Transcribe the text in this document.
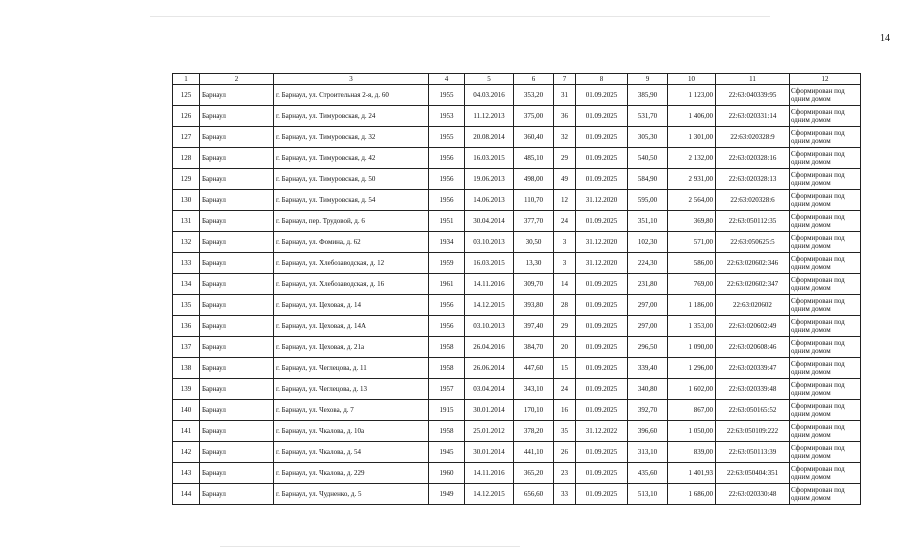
14
1	2	3	4	5	6	7	8	9	10	11	12
125	Барнаул	г. Барнаул, ул. Строительная 2-я, д. 60	1955	04.03.2016	353,20	31	01.09.2025	385,90	1 123,00	22:63:040339:95	Сформирован под одним домом
126	Барнаул	г. Барнаул, ул. Тимуровская, д. 24	1953	11.12.2013	375,00	36	01.09.2025	531,70	1 406,00	22:63:020331:14	Сформирован под одним домом
127	Барнаул	г. Барнаул, ул. Тимуровская, д. 32	1955	20.08.2014	360,40	32	01.09.2025	305,30	1 301,00	22:63:020328:9	Сформирован под одним домом
128	Барнаул	г. Барнаул, ул. Тимуровская, д. 42	1956	16.03.2015	485,10	29	01.09.2025	540,50	2 132,00	22:63:020328:16	Сформирован под одним домом
129	Барнаул	г. Барнаул, ул. Тимуровская, д. 50	1956	19.06.2013	498,00	49	01.09.2025	584,90	2 931,00	22:63:020328:13	Сформирован под одним домом
130	Барнаул	г. Барнаул, ул. Тимуровская, д. 54	1956	14.06.2013	110,70	12	31.12.2020	595,00	2 564,00	22:63:020328:6	Сформирован под одним домом
131	Барнаул	г. Барнаул, пер. Трудовой, д. 6	1951	30.04.2014	377,70	24	01.09.2025	351,10	369,80	22:63:050112:35	Сформирован под одним домом
132	Барнаул	г. Барнаул, ул. Фомина, д. 62	1934	03.10.2013	30,50	3	31.12.2020	102,30	571,00	22:63:050625:5	Сформирован под одним домом
133	Барнаул	г. Барнаул, ул. Хлебозаводская, д. 12	1959	16.03.2015	13,30	3	31.12.2020	224,30	586,00	22:63:020602:346	Сформирован под одним домом
134	Барнаул	г. Барнаул, ул. Хлебозаводская, д. 16	1961	14.11.2016	309,70	14	01.09.2025	231,80	769,00	22:63:020602:347	Сформирован под одним домом
135	Барнаул	г. Барнаул, ул. Цеховая, д. 14	1956	14.12.2015	393,80	28	01.09.2025	297,00	1 186,00	22:63:020602	Сформирован под одним домом
136	Барнаул	г. Барнаул, ул. Цеховая, д. 14А	1956	03.10.2013	397,40	29	01.09.2025	297,00	1 353,00	22:63:020602:49	Сформирован под одним домом
137	Барнаул	г. Барнаул, ул. Цеховая, д. 21а	1958	26.04.2016	384,70	20	01.09.2025	296,50	1 090,00	22:63:020608:46	Сформирован под одним домом
138	Барнаул	г. Барнаул, ул. Чеглецова, д. 11	1958	26.06.2014	447,60	15	01.09.2025	339,40	1 296,00	22:63:020339:47	Сформирован под одним домом
139	Барнаул	г. Барнаул, ул. Чеглецова, д. 13	1957	03.04.2014	343,10	24	01.09.2025	340,80	1 602,00	22:63:020339:48	Сформирован под одним домом
140	Барнаул	г. Барнаул, ул. Чехова, д. 7	1915	30.01.2014	170,10	16	01.09.2025	392,70	867,00	22:63:050165:52	Сформирован под одним домом
141	Барнаул	г. Барнаул, ул. Чкалова, д. 10а	1958	25.01.2012	378,20	35	31.12.2022	396,60	1 050,00	22:63:050109:222	Сформирован под одним домом
142	Барнаул	г. Барнаул, ул. Чкалова, д. 54	1945	30.01.2014	441,10	26	01.09.2025	313,10	839,00	22:63:050113:39	Сформирован под одним домом
143	Барнаул	г. Барнаул, ул. Чкалова, д. 229	1960	14.11.2016	365,20	23	01.09.2025	435,60	1 401,93	22:63:050404:351	Сформирован под одним домом
144	Барнаул	г. Барнаул, ул. Чудненко, д. 5	1949	14.12.2015	656,60	33	01.09.2025	513,10	1 686,00	22:63:020330:48	Сформирован под одним домом
